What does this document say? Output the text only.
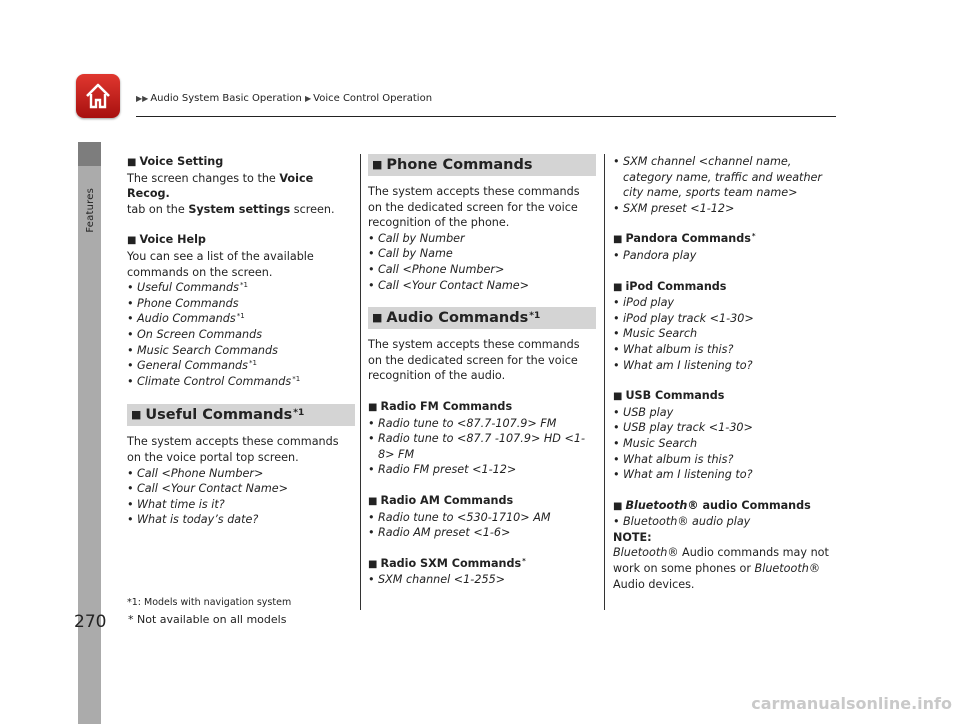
▶▶ Audio System Basic Operation ▶ Voice Control Operation
Features
270
■ Voice Setting
The screen changes to the Voice Recog.
tab on the System settings screen.
■ Voice Help
You can see a list of the available commands on the screen.
• Useful Commands$^{*1}$
• Phone Commands
• Audio Commands$^{*1}$
• On Screen Commands
• Music Search Commands
• General Commands$^{*1}$
• Climate Control Commands$^{*1}$
■ Useful Commands *1
The system accepts these commands on the voice portal top screen.
• Call <Phone Number>
• Call <Your Contact Name>
• What time is it?
• What is today’s date?
■ Phone Commands
The system accepts these commands on the dedicated screen for the voice recognition of the phone.
• Call by Number
• Call by Name
• Call <Phone Number>
• Call <Your Contact Name>
■ Audio Commands *1
The system accepts these commands on the dedicated screen for the voice recognition of the audio.
■ Radio FM Commands
• Radio tune to <87.7-107.9> FM
• Radio tune to <87.7 -107.9> HD <1-8> FM
• Radio FM preset <1-12>
■ Radio AM Commands
• Radio tune to <530-1710> AM
• Radio AM preset <1-6>
■ Radio SXM Commands*
• SXM channel <1-255>
• SXM channel <channel name, category name, traffic and weather city name, sports team name>
• SXM preset <1-12>
■ Pandora Commands*
• Pandora play
■ iPod Commands
• iPod play
• iPod play track <1-30>
• Music Search
• What album is this?
• What am I listening to?
■ USB Commands
• USB play
• USB play track <1-30>
• Music Search
• What album is this?
• What am I listening to?
■ Bluetooth® audio Commands
• Bluetooth® audio play
NOTE:
Bluetooth® Audio commands may not work on some phones or Bluetooth® Audio devices.
*1: Models with navigation system
* Not available on all models
carmanualsonline.info
